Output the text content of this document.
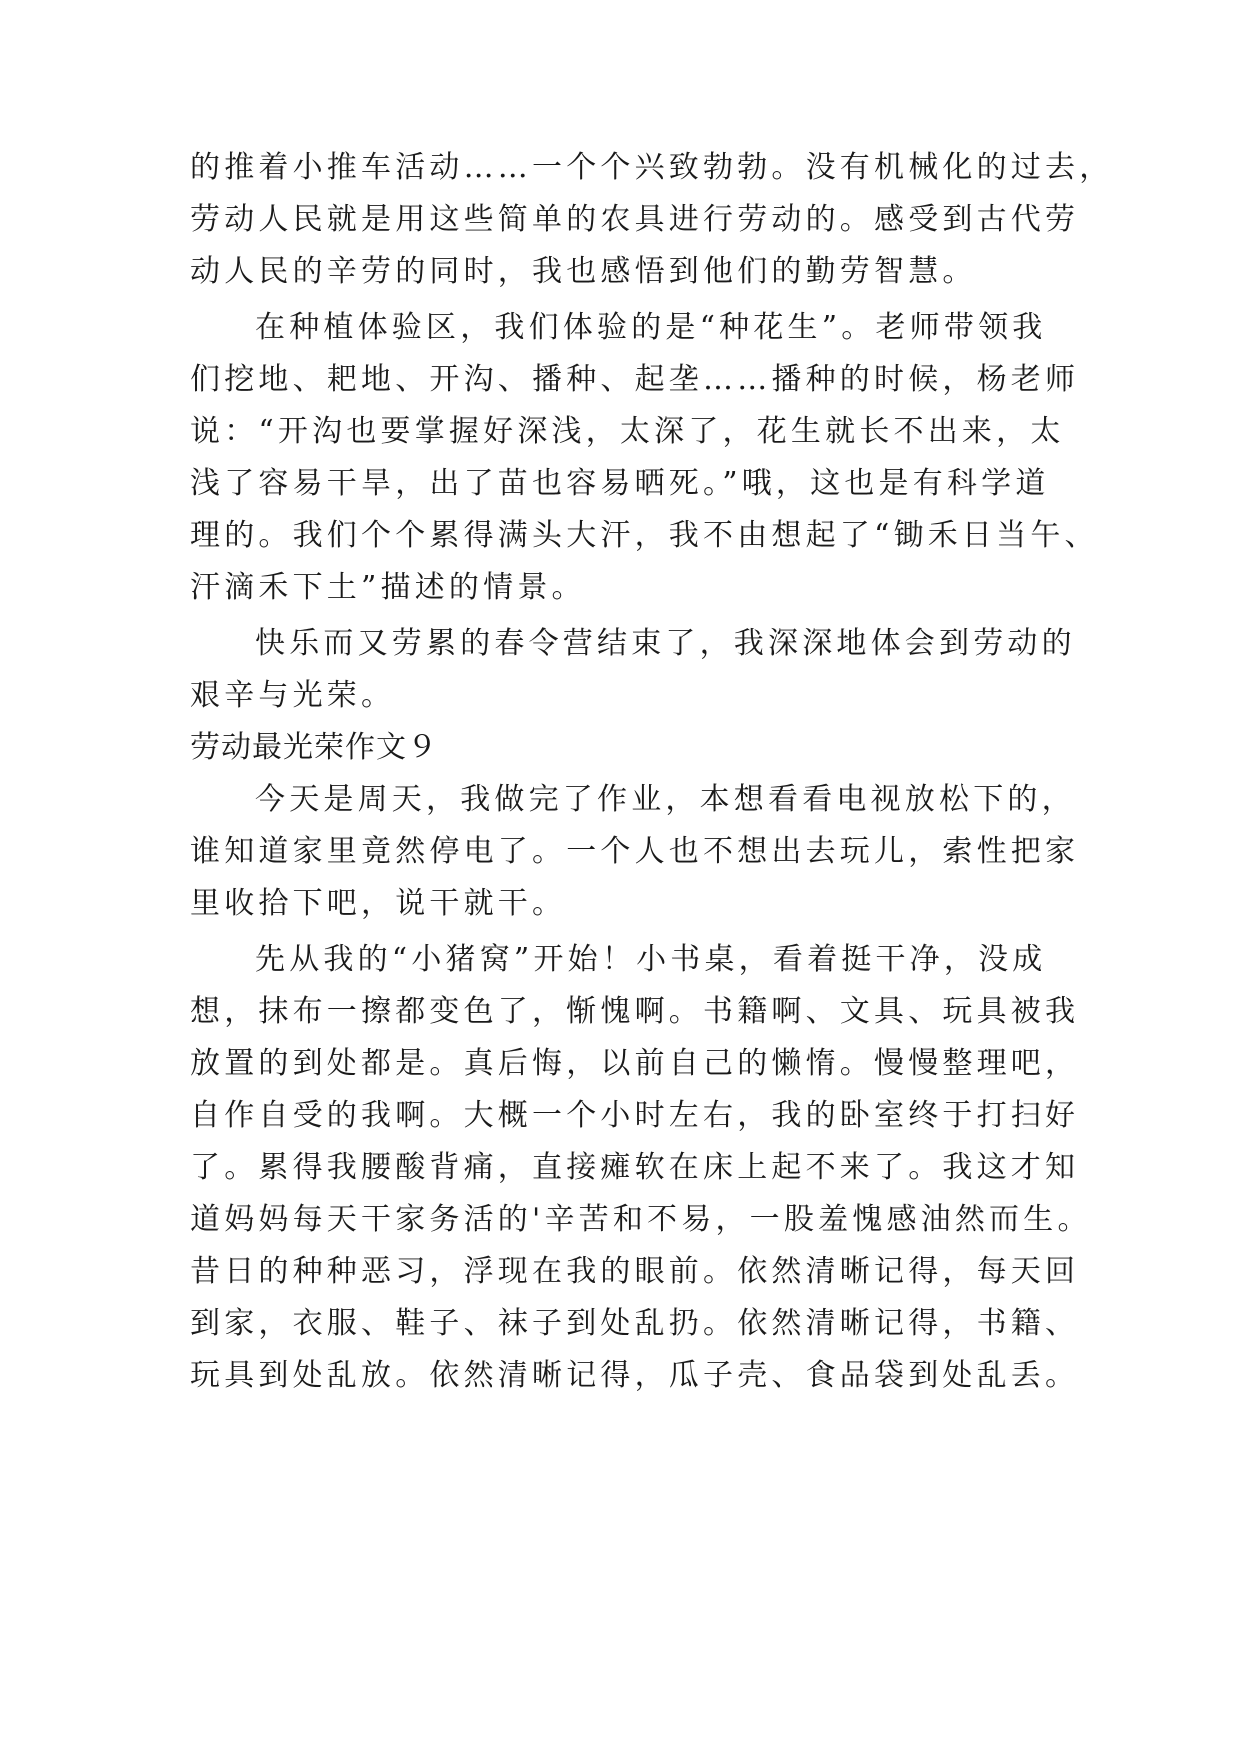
的推着小推车活动……一个个兴致勃勃。没有机械化的过去，
劳动人民就是用这些简单的农具进行劳动的。感受到古代劳
动人民的辛劳的同时，我也感悟到他们的勤劳智慧。
在种植体验区，我们体验的是“种花生”。老师带领我
们挖地、耙地、开沟、播种、起垄……播种的时候，杨老师
说：“开沟也要掌握好深浅，太深了，花生就长不出来，太
浅了容易干旱，出了苗也容易晒死。”哦，这也是有科学道
理的。我们个个累得满头大汗，我不由想起了“锄禾日当午、
汗滴禾下土”描述的情景。
快乐而又劳累的春令营结束了，我深深地体会到劳动的
艰辛与光荣。
劳动最光荣作文９
今天是周天，我做完了作业，本想看看电视放松下的，
谁知道家里竟然停电了。一个人也不想出去玩儿，索性把家
里收拾下吧，说干就干。
先从我的“小猪窝”开始！小书桌，看着挺干净，没成
想，抹布一擦都变色了，惭愧啊。书籍啊、文具、玩具被我
放置的到处都是。真后悔，以前自己的懒惰。慢慢整理吧，
自作自受的我啊。大概一个小时左右，我的卧室终于打扫好
了。累得我腰酸背痛，直接瘫软在床上起不来了。我这才知
道妈妈每天干家务活的'辛苦和不易，一股羞愧感油然而生。
昔日的种种恶习，浮现在我的眼前。依然清晰记得，每天回
到家，衣服、鞋子、袜子到处乱扔。依然清晰记得，书籍、
玩具到处乱放。依然清晰记得，瓜子壳、食品袋到处乱丢。
